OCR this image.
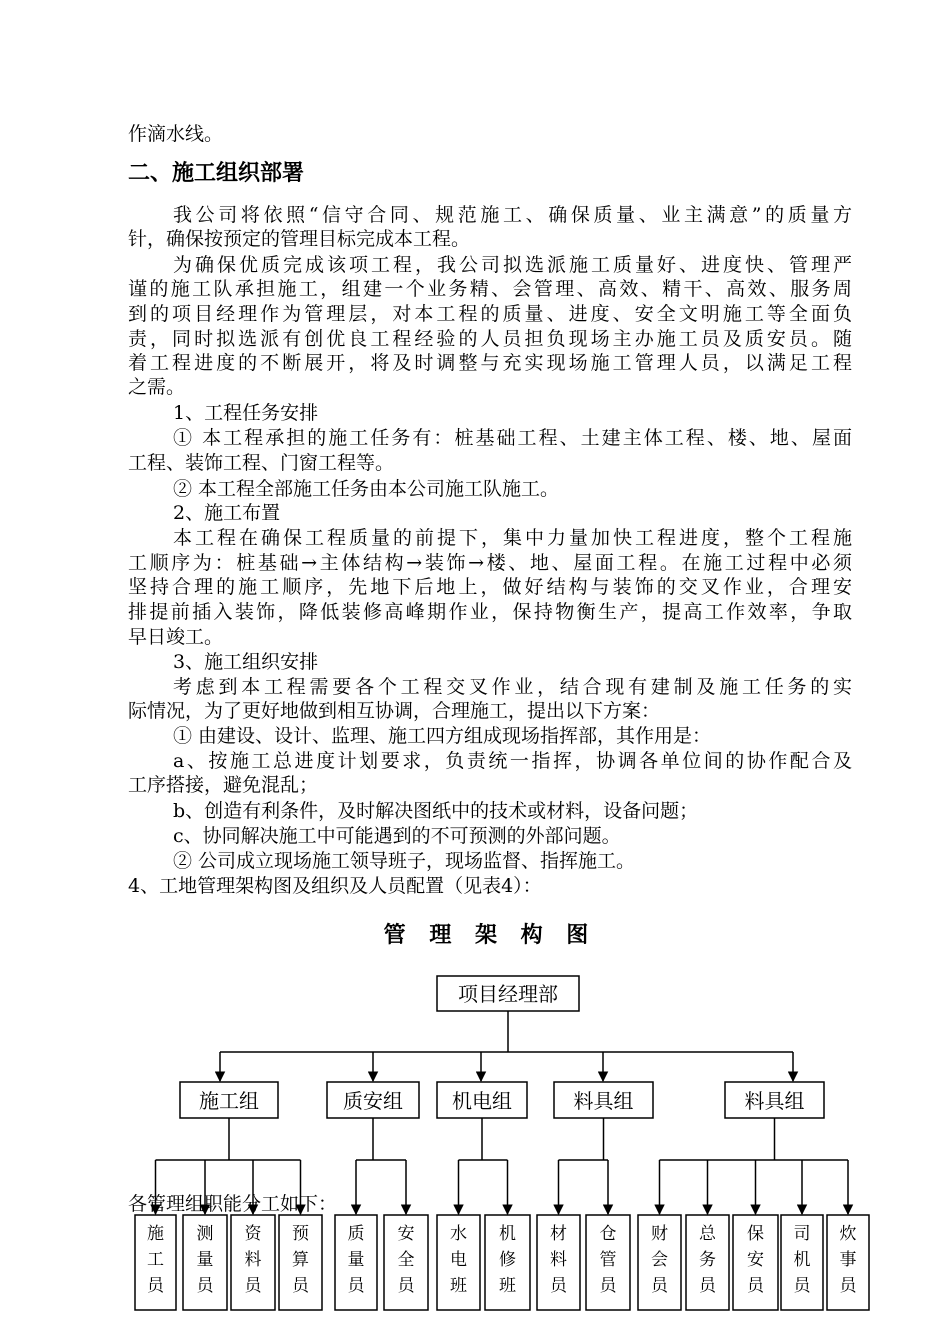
作滴水线。
我公司将依照“信守合同、规范施工、确保质量、业主满意”的质量方
针，确保按预定的管理目标完成本工程。
为确保优质完成该项工程，我公司拟选派施工质量好、进度快、管理严
谨的施工队承担施工，组建一个业务精、会管理、高效、精干、高效、服务周
到的项目经理作为管理层，对本工程的质量、进度、安全文明施工等全面负
责，同时拟选派有创优良工程经验的人员担负现场主办施工员及质安员。随
着工程进度的不断展开，将及时调整与充实现场施工管理人员，以满足工程
之需。
1、工程任务安排
① 本工程承担的施工任务有：桩基础工程、土建主体工程、楼、地、屋面
工程、装饰工程、门窗工程等。
② 本工程全部施工任务由本公司施工队施工。
2、施工布置
本工程在确保工程质量的前提下，集中力量加快工程进度，整个工程施
工顺序为：桩基础→主体结构→装饰→楼、地、屋面工程。在施工过程中必须
坚持合理的施工顺序，先地下后地上，做好结构与装饰的交叉作业，合理安
排提前插入装饰，降低装修高峰期作业，保持物衡生产，提高工作效率，争取
早日竣工。
3、施工组织安排
考虑到本工程需要各个工程交叉作业，结合现有建制及施工任务的实
际情况，为了更好地做到相互协调，合理施工，提出以下方案：
① 由建设、设计、监理、施工四方组成现场指挥部，其作用是：
a、按施工总进度计划要求，负责统一指挥，协调各单位间的协作配合及
工序搭接，避免混乱；
b、创造有利条件，及时解决图纸中的技术或材料，设备问题；
c、协同解决施工中可能遇到的不可预测的外部问题。
② 公司成立现场施工领导班子，现场监督、指挥施工。
4、工地管理架构图及组织及人员配置（见表4）：
二、施工组织部署
管 理 架 构 图
项目经理部
施工组
施
工
员
测
量
员
资
料
员
预
算
员
质安组
质
量
员
安
全
员
机电组
水
电
班
机
修
班
料具组
材
料
员
仓
管
员
料具组
财
会
员
总
务
员
保
安
员
司
机
员
炊
事
员
各管理组职能分工如下：
